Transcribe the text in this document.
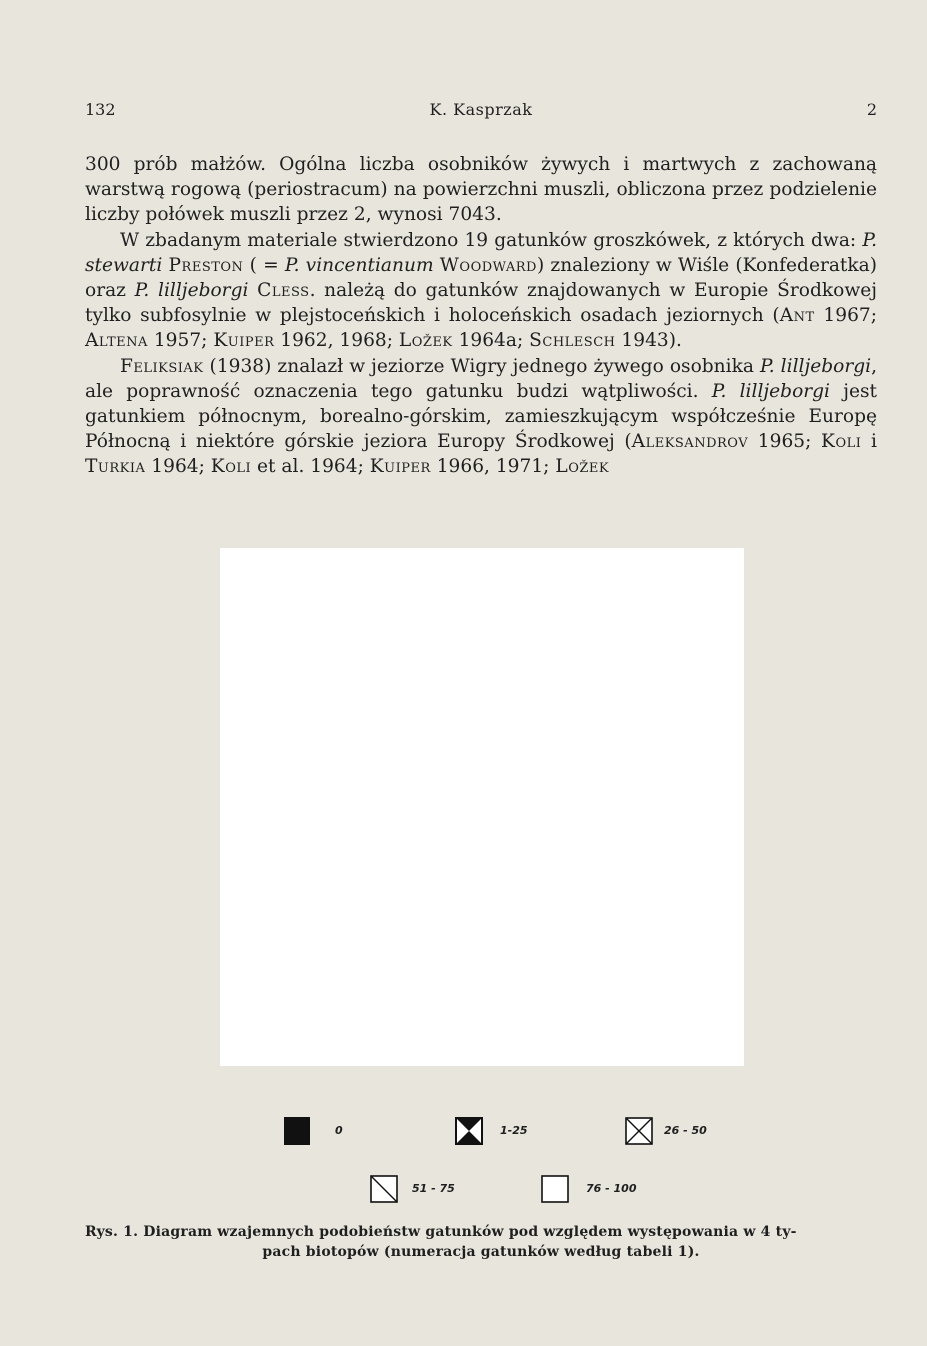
132	K. Kasprzak	2

300 prób małżów. Ogólna liczba osobników żywych i martwych z zachowaną warstwą rogową (periostracum) na powierzchni muszli, obliczona przez podzielenie liczby połówek muszli przez 2, wynosi 7043.

W zbadanym materiale stwierdzono 19 gatunków groszkówek, z których dwa: P. stewarti Preston ( = P. vincentianum Woodward) znaleziony w Wiśle (Konfederatka) oraz P. lilljeborgi Cless. należą do gatunków znajdowanych w Europie Środkowej tylko subfosylnie w plejstoceńskich i holoceńskich osadach jeziornych (Ant 1967; Altena 1957; Kuiper 1962, 1968; Ložek 1964a; Schlesch 1943).

Feliksiak (1938) znalazł w jeziorze Wigry jednego żywego osobnika P. lilljeborgi, ale poprawność oznaczenia tego gatunku budzi wątpliwości. P. lilljeborgi jest gatunkiem północnym, borealno-górskim, zamieszkującym współcześnie Europę Północną i niektóre górskie jeziora Europy Środkowej (Aleksandrov 1965; Koli i Turkia 1964; Koli et al. 1964; Kuiper 1966, 1971; Ložek

0	1-25	26 - 50
51 - 75	76 - 100
Rys. 1. Diagram wzajemnych podobieństw gatunków pod względem występowania w 4 ty-
pach biotopów (numeracja gatunków według tabeli 1).
